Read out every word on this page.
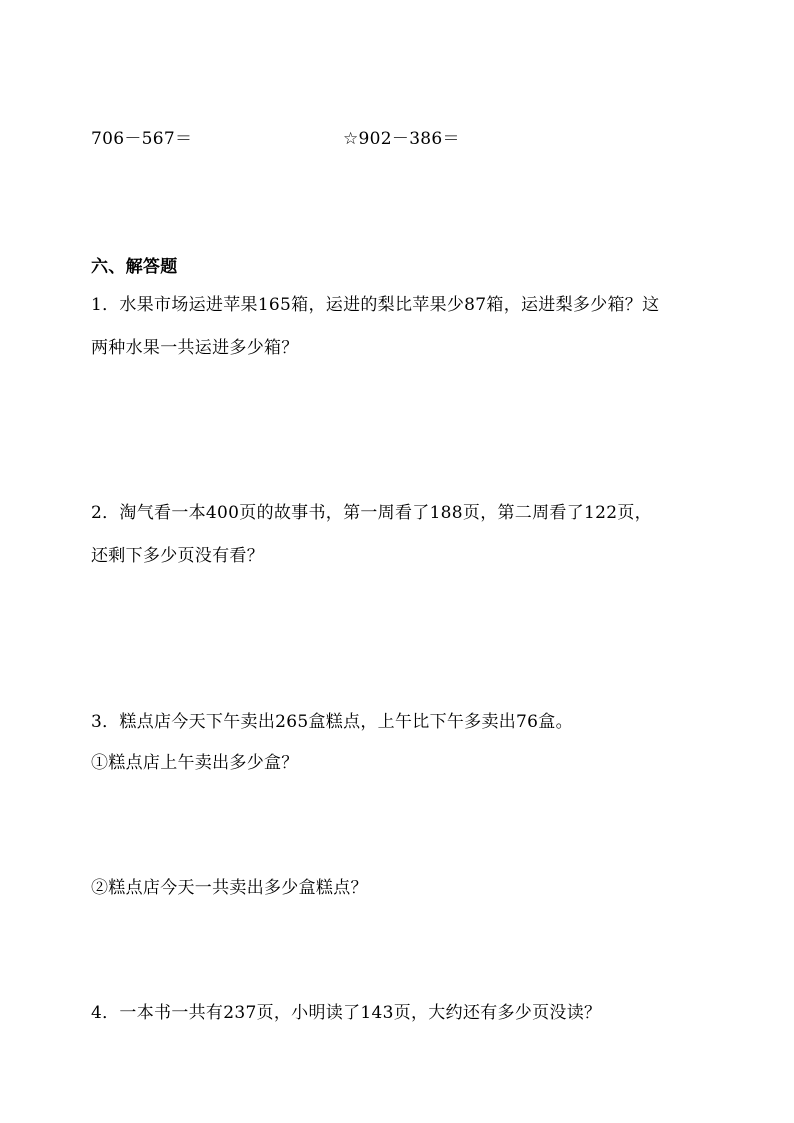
706－567＝	☆902－386＝
六、解答题
1．水果市场运进苹果165箱，运进的梨比苹果少87箱，运进梨多少箱？这
两种水果一共运进多少箱？
2．淘气看一本400页的故事书，第一周看了188页，第二周看了122页，
还剩下多少页没有看？
3．糕点店今天下午卖出265盒糕点，上午比下午多卖出76盒。
①糕点店上午卖出多少盒？
②糕点店今天一共卖出多少盒糕点？
4．一本书一共有237页，小明读了143页，大约还有多少页没读？
